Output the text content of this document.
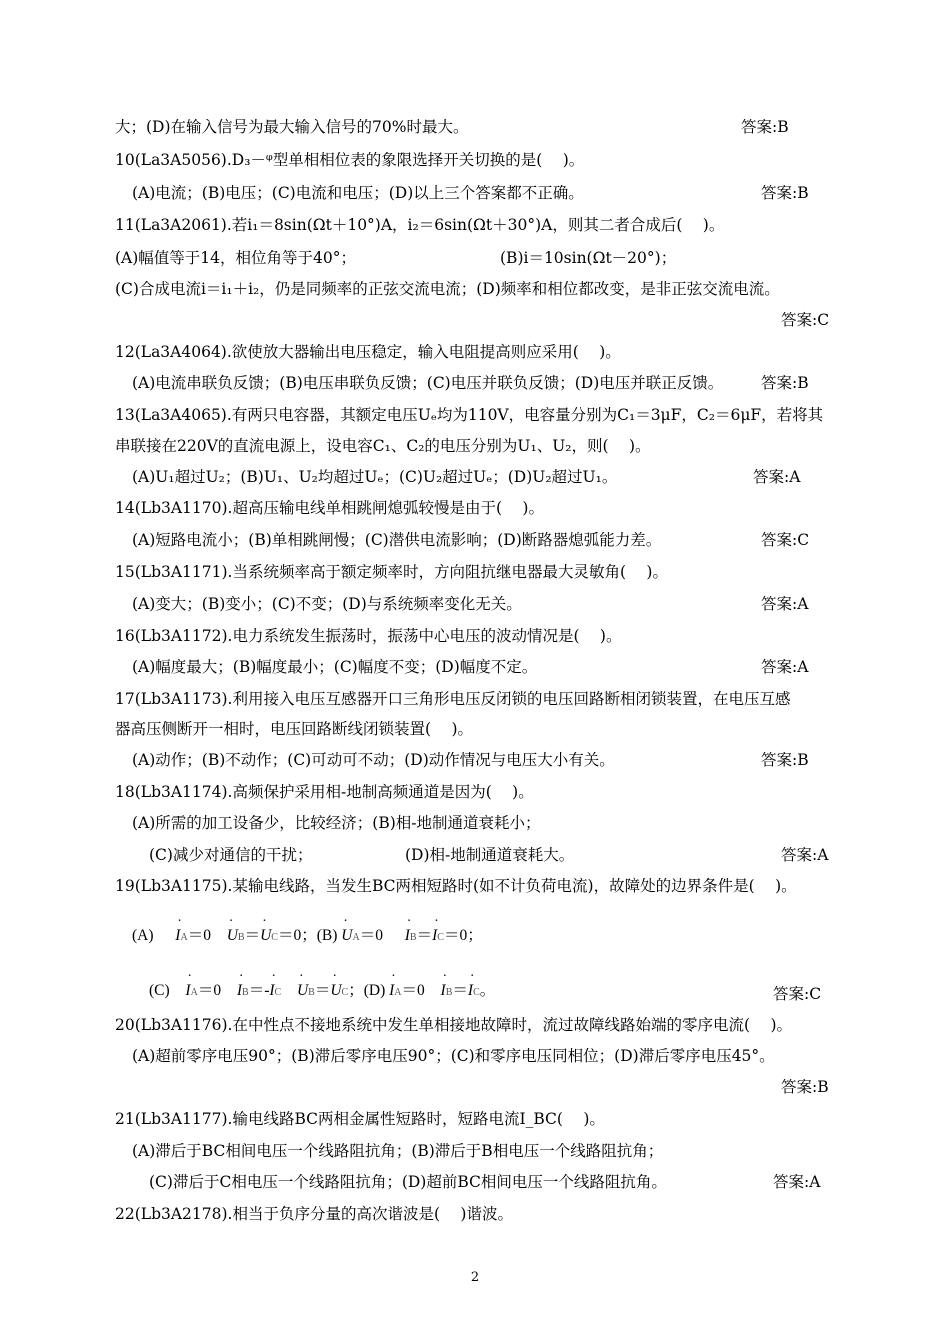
大；(D)在输入信号为最大输入信号的70%时最大。	答案:B
10(La3A5056).D₃－ᵠ型单相相位表的象限选择开关切换的是(　 )。
(A)电流；(B)电压；(C)电流和电压；(D)以上三个答案都不正确。	答案:B
11(La3A2061).若i₁＝8sin(Ωt＋10°)A，i₂＝6sin(Ωt＋30°)A，则其二者合成后(　 )。
(A)幅值等于14，相位角等于40°；	(B)i＝10sin(Ωt－20°)；
(C)合成电流i＝i₁＋i₂，仍是同频率的正弦交流电流；(D)频率和相位都改变，是非正弦交流电流。
答案:C
12(La3A4064).欲使放大器输出电压稳定，输入电阻提高则应采用(　 )。
(A)电流串联负反馈；(B)电压串联负反馈；(C)电压并联负反馈；(D)电压并联正反馈。 答案:B
13(La3A4065).有两只电容器，其额定电压Uₑ均为110V，电容量分别为C₁＝3μF，C₂＝6μF，若将其
串联接在220V的直流电源上，设电容C₁、C₂的电压分别为U₁、U₂，则(　 )。
(A)U₁超过U₂；(B)U₁、U₂均超过Uₑ；(C)U₂超过Uₑ；(D)U₂超过U₁。	答案:A
14(Lb3A1170).超高压输电线单相跳闸熄弧较慢是由于(　 )。
(A)短路电流小；(B)单相跳闸慢；(C)潜供电流影响；(D)断路器熄弧能力差。	答案:C
15(Lb3A1171).当系统频率高于额定频率时，方向阻抗继电器最大灵敏角(　 )。
(A)变大；(B)变小；(C)不变；(D)与系统频率变化无关。	答案:A
16(Lb3A1172).电力系统发生振荡时，振荡中心电压的波动情况是(　 )。
(A)幅度最大；(B)幅度最小；(C)幅度不变；(D)幅度不定。	答案:A
17(Lb3A1173).利用接入电压互感器开口三角形电压反闭锁的电压回路断相闭锁装置，在电压互感
器高压侧断开一相时，电压回路断线闭锁装置(　 )。
(A)动作；(B)不动作；(C)可动可不动；(D)动作情况与电压大小有关。	答案:B
18(Lb3A1174).高频保护采用相-地制高频通道是因为(　 )。
(A)所需的加工设备少，比较经济；(B)相-地制通道衰耗小；
(C)减少对通信的干扰；	(D)相-地制通道衰耗大。	答案:A
19(Lb3A1175).某输电线路，当发生BC两相短路时(如不计负荷电流)，故障处的边界条件是(　 )。
(A) · IA＝0 · UB＝· UC＝0；(B) · UA＝0 · IB＝· IC＝0；
(C) · IA＝0 · IB＝-· IC · UB＝· UC；(D) · IA＝0 · IB＝· IC。	答案:C
20(Lb3A1176).在中性点不接地系统中发生单相接地故障时，流过故障线路始端的零序电流(　 )。
(A)超前零序电压90°；(B)滞后零序电压90°；(C)和零序电压同相位；(D)滞后零序电压45°。
答案:B
21(Lb3A1177).输电线路BC两相金属性短路时，短路电流I_BC(　 )。
(A)滞后于BC相间电压一个线路阻抗角；(B)滞后于B相电压一个线路阻抗角；
(C)滞后于C相电压一个线路阻抗角；(D)超前BC相间电压一个线路阻抗角。	答案:A
22(Lb3A2178).相当于负序分量的高次谐波是(　 )谐波。
2
